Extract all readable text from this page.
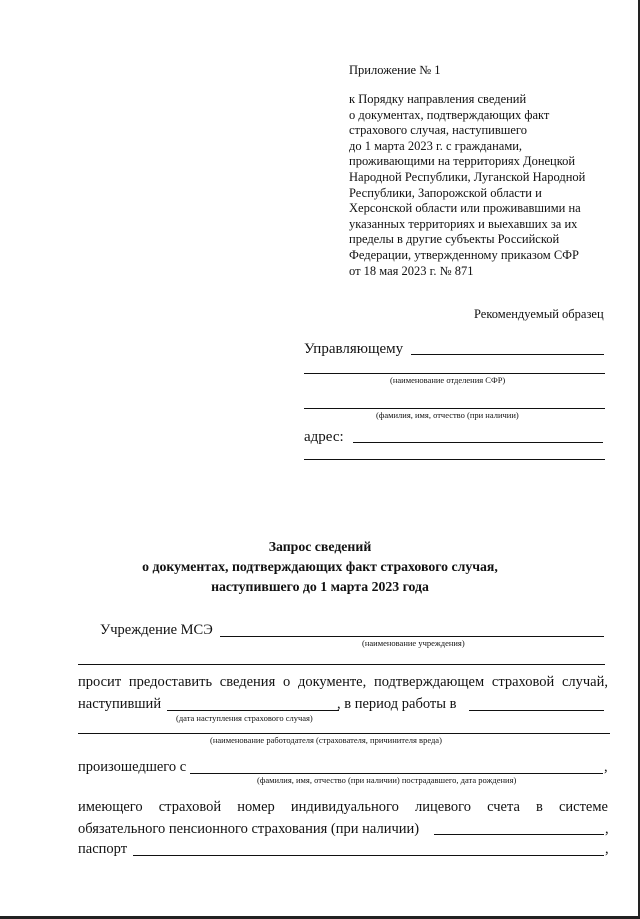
Приложение № 1
к Порядку направления сведений
о документах, подтверждающих факт
страхового случая, наступившего
до 1 марта 2023 г. с гражданами,
проживающими на территориях Донецкой
Народной Республики, Луганской Народной
Республики, Запорожской области и
Херсонской области или проживавшими на
указанных территориях и выехавших за их
пределы в другие субъекты Российской
Федерации, утвержденному приказом СФР
от 18 мая 2023 г. № 871
Рекомендуемый образец
Управляющему
(наименование отделения СФР)
(фамилия, имя, отчество (при наличии)
адрес:
Запрос сведений
о документах, подтверждающих факт страхового случая,
наступившего до 1 марта 2023 года
Учреждение МСЭ
(наименование учреждения)
просит предоставить сведения о документе, подтверждающем страховой случай,
наступивший	, в период работы в
(дата наступления страхового случая)
(наименование работодателя (страхователя, причинителя вреда)
произошедшего с	,
(фамилия, имя, отчество (при наличии) пострадавшего, дата рождения)
имеющего страховой номер индивидуального лицевого счета в системе
обязательного пенсионного страхования (при наличии)	,
паспорт	,
